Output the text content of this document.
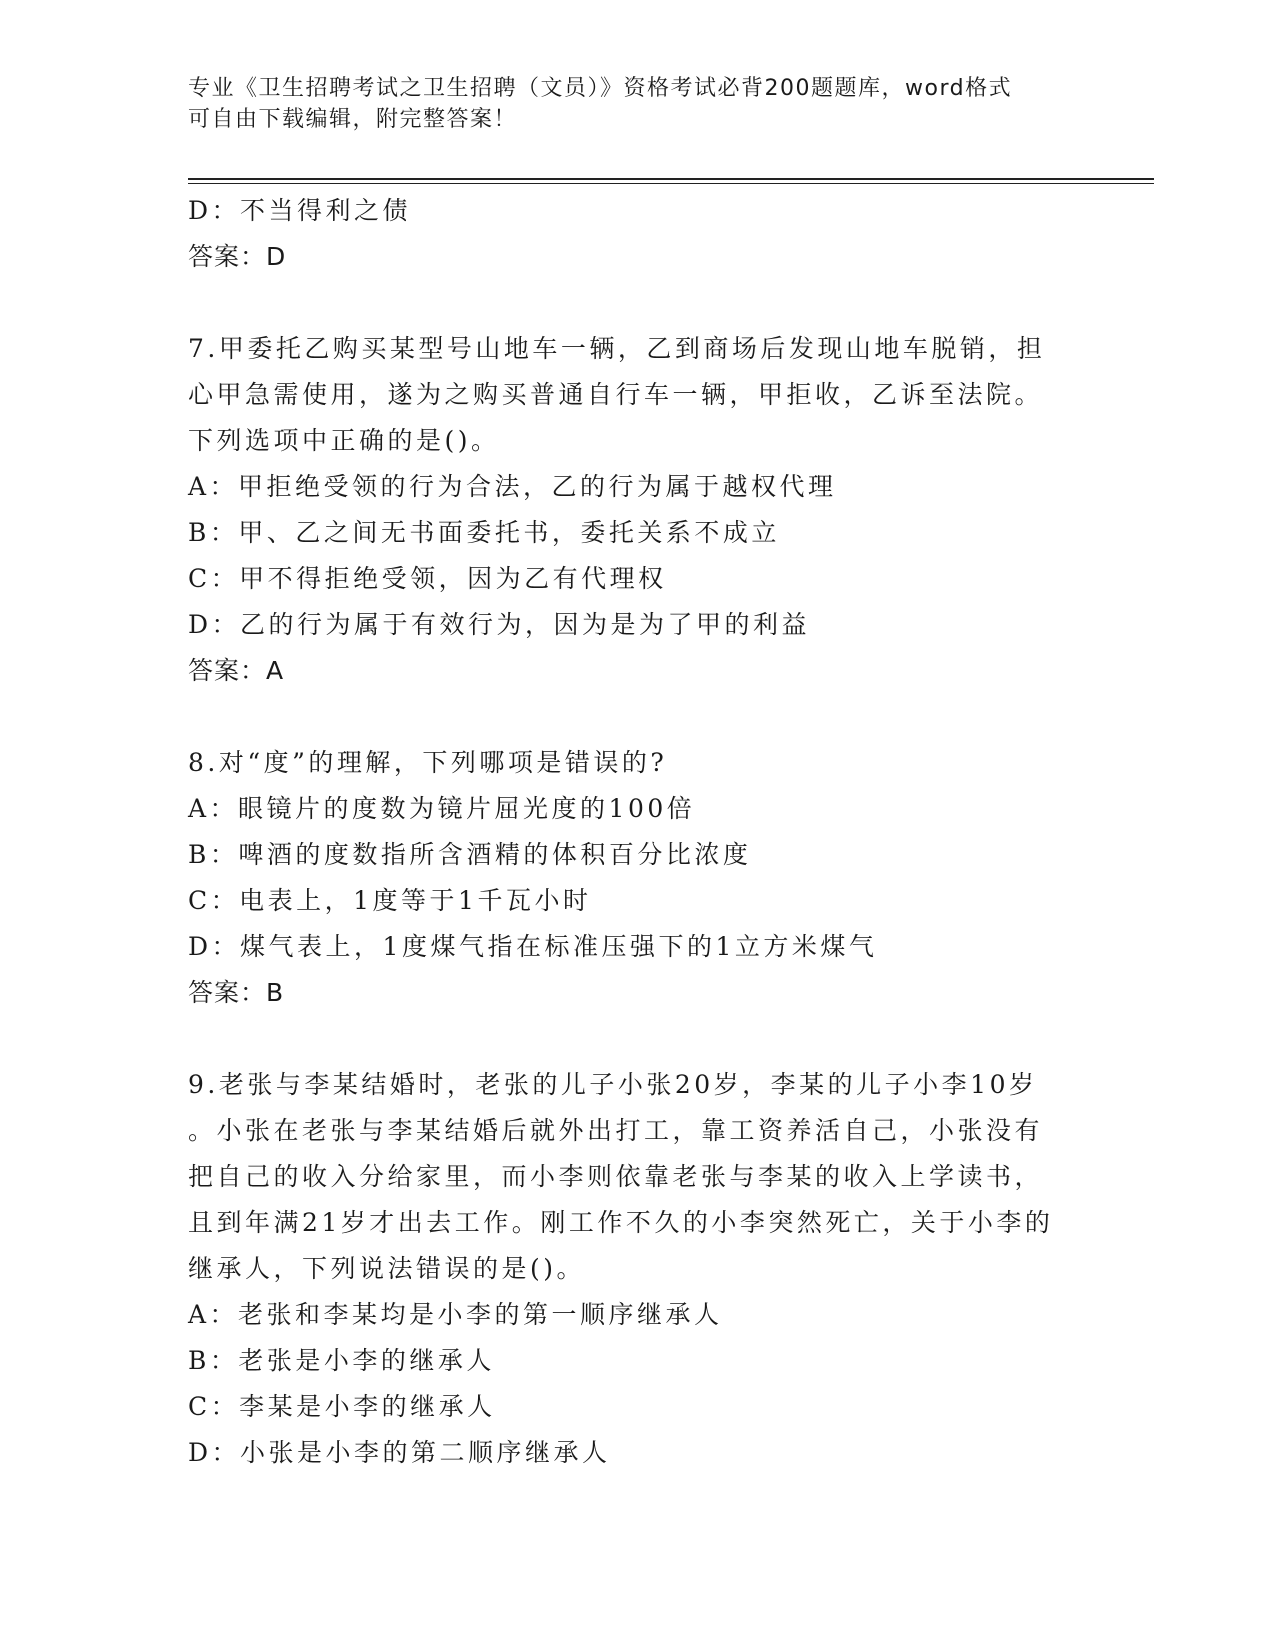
专业《卫生招聘考试之卫生招聘（文员）》资格考试必背200题题库，word格式
可自由下载编辑，附完整答案！
D：不当得利之债
答案：D
7.甲委托乙购买某型号山地车一辆，乙到商场后发现山地车脱销，担
心甲急需使用，遂为之购买普通自行车一辆，甲拒收，乙诉至法院。
下列选项中正确的是()。
A：甲拒绝受领的行为合法，乙的行为属于越权代理
B：甲、乙之间无书面委托书，委托关系不成立
C：甲不得拒绝受领，因为乙有代理权
D：乙的行为属于有效行为，因为是为了甲的利益
答案：A
8.对“度”的理解，下列哪项是错误的?
A：眼镜片的度数为镜片屈光度的100倍
B：啤酒的度数指所含酒精的体积百分比浓度
C：电表上，1度等于1千瓦小时
D：煤气表上，1度煤气指在标准压强下的1立方米煤气
答案：B
9.老张与李某结婚时，老张的儿子小张20岁，李某的儿子小李10岁
。小张在老张与李某结婚后就外出打工，靠工资养活自己，小张没有
把自己的收入分给家里，而小李则依靠老张与李某的收入上学读书，
且到年满21岁才出去工作。刚工作不久的小李突然死亡，关于小李的
继承人，下列说法错误的是()。
A：老张和李某均是小李的第一顺序继承人
B：老张是小李的继承人
C：李某是小李的继承人
D：小张是小李的第二顺序继承人
